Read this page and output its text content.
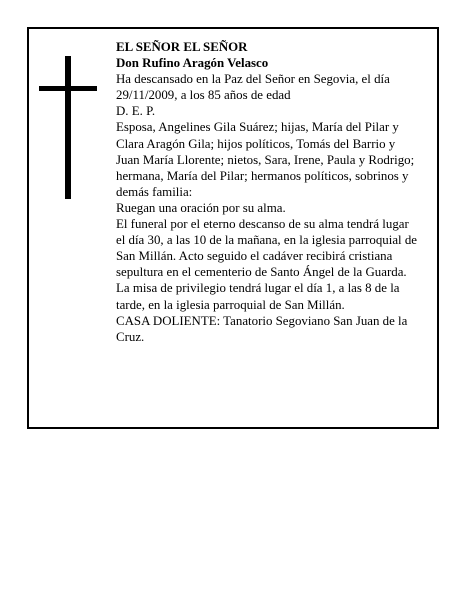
EL SEÑOR EL SEÑOR

Don Rufino Aragón Velasco

Ha descansado en la Paz del Señor en Segovia, el día 29/11/2009, a los 85 años de edad

D. E. P.

Esposa, Angelines Gila Suárez; hijas, María del Pilar y Clara Aragón Gila; hijos políticos, Tomás del Barrio y Juan María Llorente; nietos, Sara, Irene, Paula y Rodrigo; hermana, María del Pilar; hermanos políticos, sobrinos y demás familia:

Ruegan una oración por su alma.

El funeral por el eterno descanso de su alma tendrá lugar el día 30, a las 10 de la mañana, en la iglesia parroquial de San Millán. Acto seguido el cadáver recibirá cristiana sepultura en el cementerio de Santo Ángel de la Guarda. La misa de privilegio tendrá lugar el día 1, a las 8 de la tarde, en la iglesia parroquial de San Millán.

CASA DOLIENTE: Tanatorio Segoviano San Juan de la Cruz.
